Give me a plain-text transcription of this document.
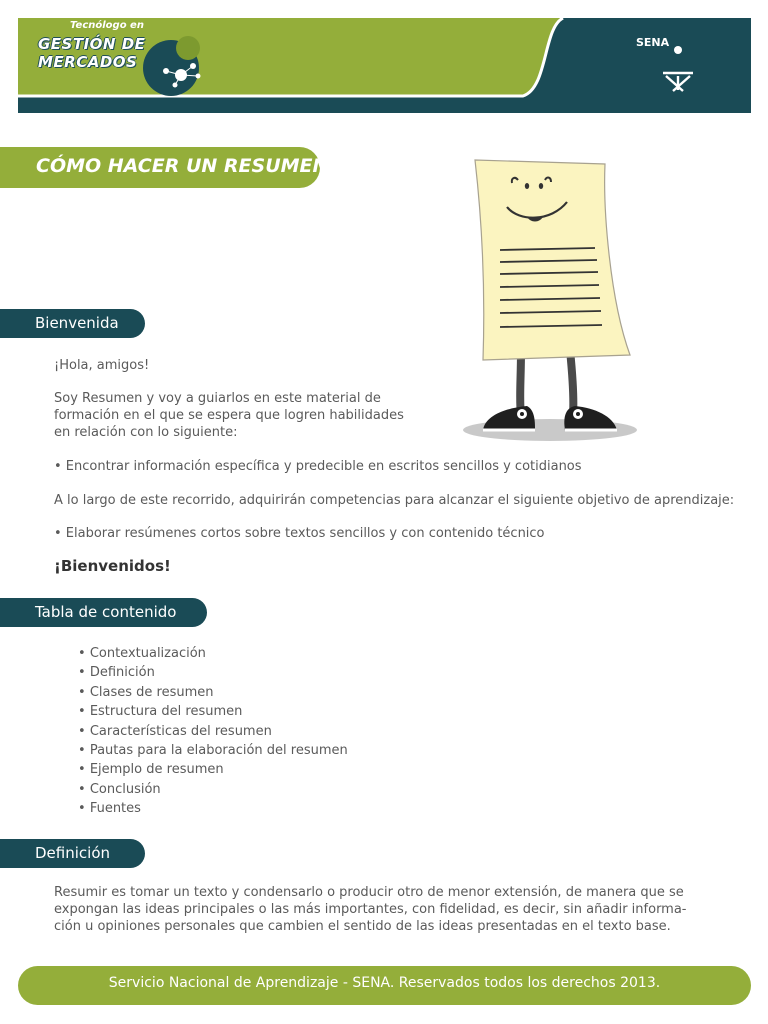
Tecnólogo en
GESTIÓN DE
MERCADOS
SENA
CÓMO HACER UN RESUMEN
Bienvenida
¡Hola, amigos!
Soy Resumen y voy a guiarlos en este material de
formación en el que se espera que logren habilidades
en relación con lo siguiente:
• Encontrar información específica y predecible en escritos sencillos y cotidianos
A lo largo de este recorrido, adquirirán competencias para alcanzar el siguiente objetivo de aprendizaje:
• Elaborar resúmenes cortos sobre textos sencillos y con contenido técnico
¡Bienvenidos!
Tabla de contenido
• Contextualización
• Definición
• Clases de resumen
• Estructura del resumen
• Características del resumen
• Pautas para la elaboración del resumen
• Ejemplo de resumen
• Conclusión
• Fuentes
Definición
Resumir es tomar un texto y condensarlo o producir otro de menor extensión, de manera que se
expongan las ideas principales o las más importantes, con fidelidad, es decir, sin añadir informa-
ción u opiniones personales que cambien el sentido de las ideas presentadas en el texto base.
Servicio Nacional de Aprendizaje - SENA. Reservados todos los derechos 2013.
